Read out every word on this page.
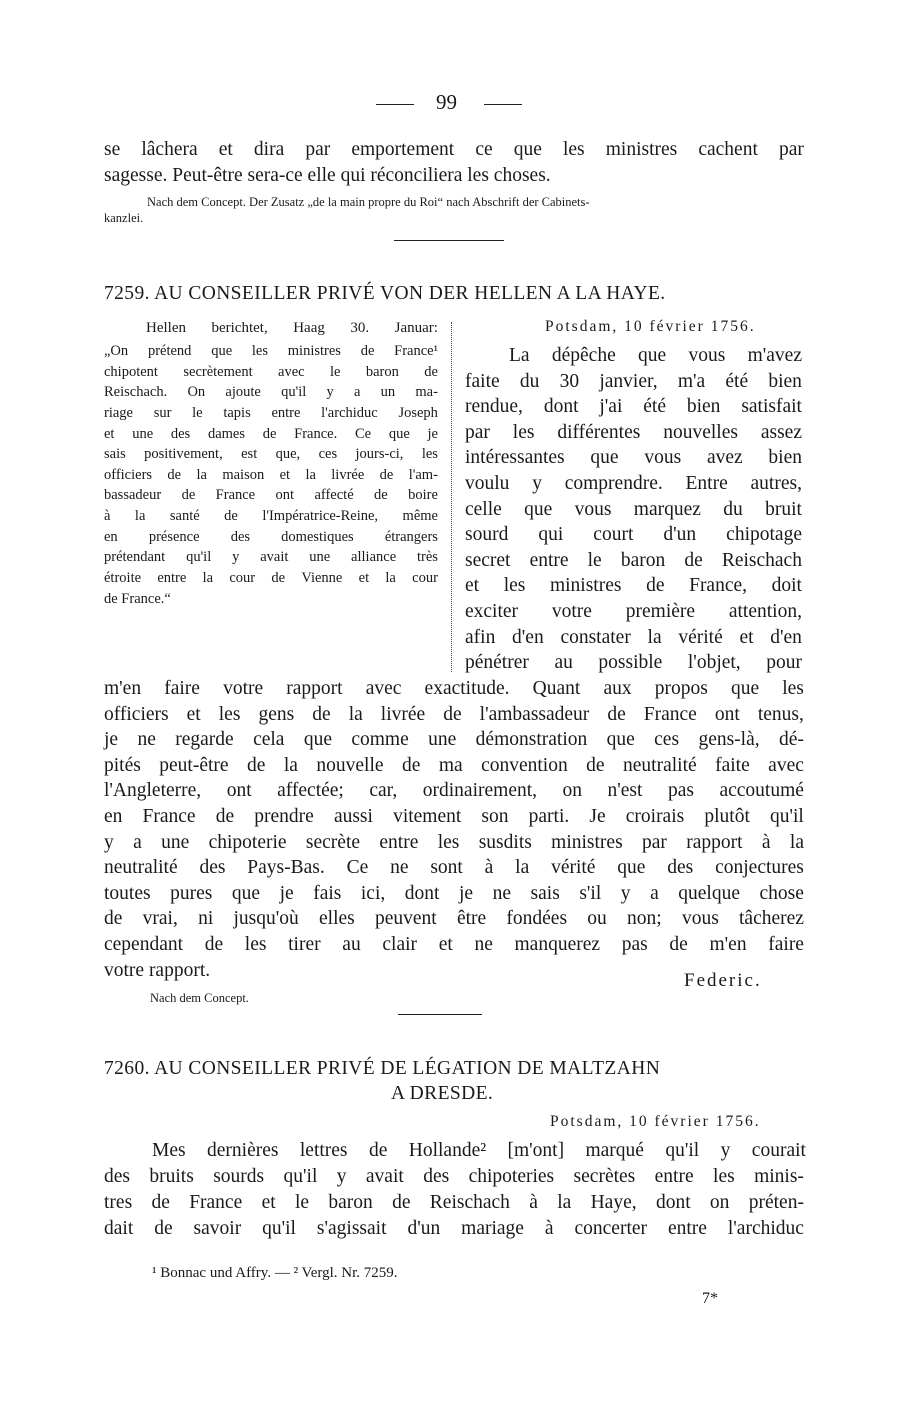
99
se lâchera et dira par emportement ce que les ministres cachent par
sagesse. Peut-être sera-ce elle qui réconciliera les choses.
Nach dem Concept. Der Zusatz „de la main propre du Roi“ nach Abschrift der Cabinets-
kanzlei.
7259. AU CONSEILLER PRIVÉ VON DER HELLEN A LA HAYE.
Hellen berichtet, Haag 30. Januar:
„On prétend que les ministres de France¹
chipotent secrètement avec le baron de
Reischach. On ajoute qu'il y a un ma-
riage sur le tapis entre l'archiduc Joseph
et une des dames de France. Ce que je
sais positivement, est que, ces jours-ci, les
officiers de la maison et la livrée de l'am-
bassadeur de France ont affecté de boire
à la santé de l'Impératrice-Reine, même
en présence des domestiques étrangers
prétendant qu'il y avait une alliance très
étroite entre la cour de Vienne et la cour
de France.“
Potsdam, 10 février 1756.
La dépêche que vous m'avez
faite du 30 janvier, m'a été bien
rendue, dont j'ai été bien satisfait
par les différentes nouvelles assez
intéressantes que vous avez bien
voulu y comprendre. Entre autres,
celle que vous marquez du bruit
sourd qui court d'un chipotage
secret entre le baron de Reischach
et les ministres de France, doit
exciter votre première attention,
afin d'en constater la vérité et d'en
pénétrer au possible l'objet, pour
m'en faire votre rapport avec exactitude. Quant aux propos que les
officiers et les gens de la livrée de l'ambassadeur de France ont tenus,
je ne regarde cela que comme une démonstration que ces gens-là, dé-
pités peut-être de la nouvelle de ma convention de neutralité faite avec
l'Angleterre, ont affectée; car, ordinairement, on n'est pas accoutumé
en France de prendre aussi vitement son parti. Je croirais plutôt qu'il
y a une chipoterie secrète entre les susdits ministres par rapport à la
neutralité des Pays-Bas. Ce ne sont à la vérité que des conjectures
toutes pures que je fais ici, dont je ne sais s'il y a quelque chose
de vrai, ni jusqu'où elles peuvent être fondées ou non; vous tâcherez
cependant de les tirer au clair et ne manquerez pas de m'en faire
votre rapport.	Federic.
Nach dem Concept.
7260. AU CONSEILLER PRIVÉ DE LÉGATION DE MALTZAHN
A DRESDE.
Potsdam, 10 février 1756.
Mes dernières lettres de Hollande² [m'ont] marqué qu'il y courait
des bruits sourds qu'il y avait des chipoteries secrètes entre les minis-
tres de France et le baron de Reischach à la Haye, dont on préten-
dait de savoir qu'il s'agissait d'un mariage à concerter entre l'archiduc
¹ Bonnac und Affry. — ² Vergl. Nr. 7259.
7*
